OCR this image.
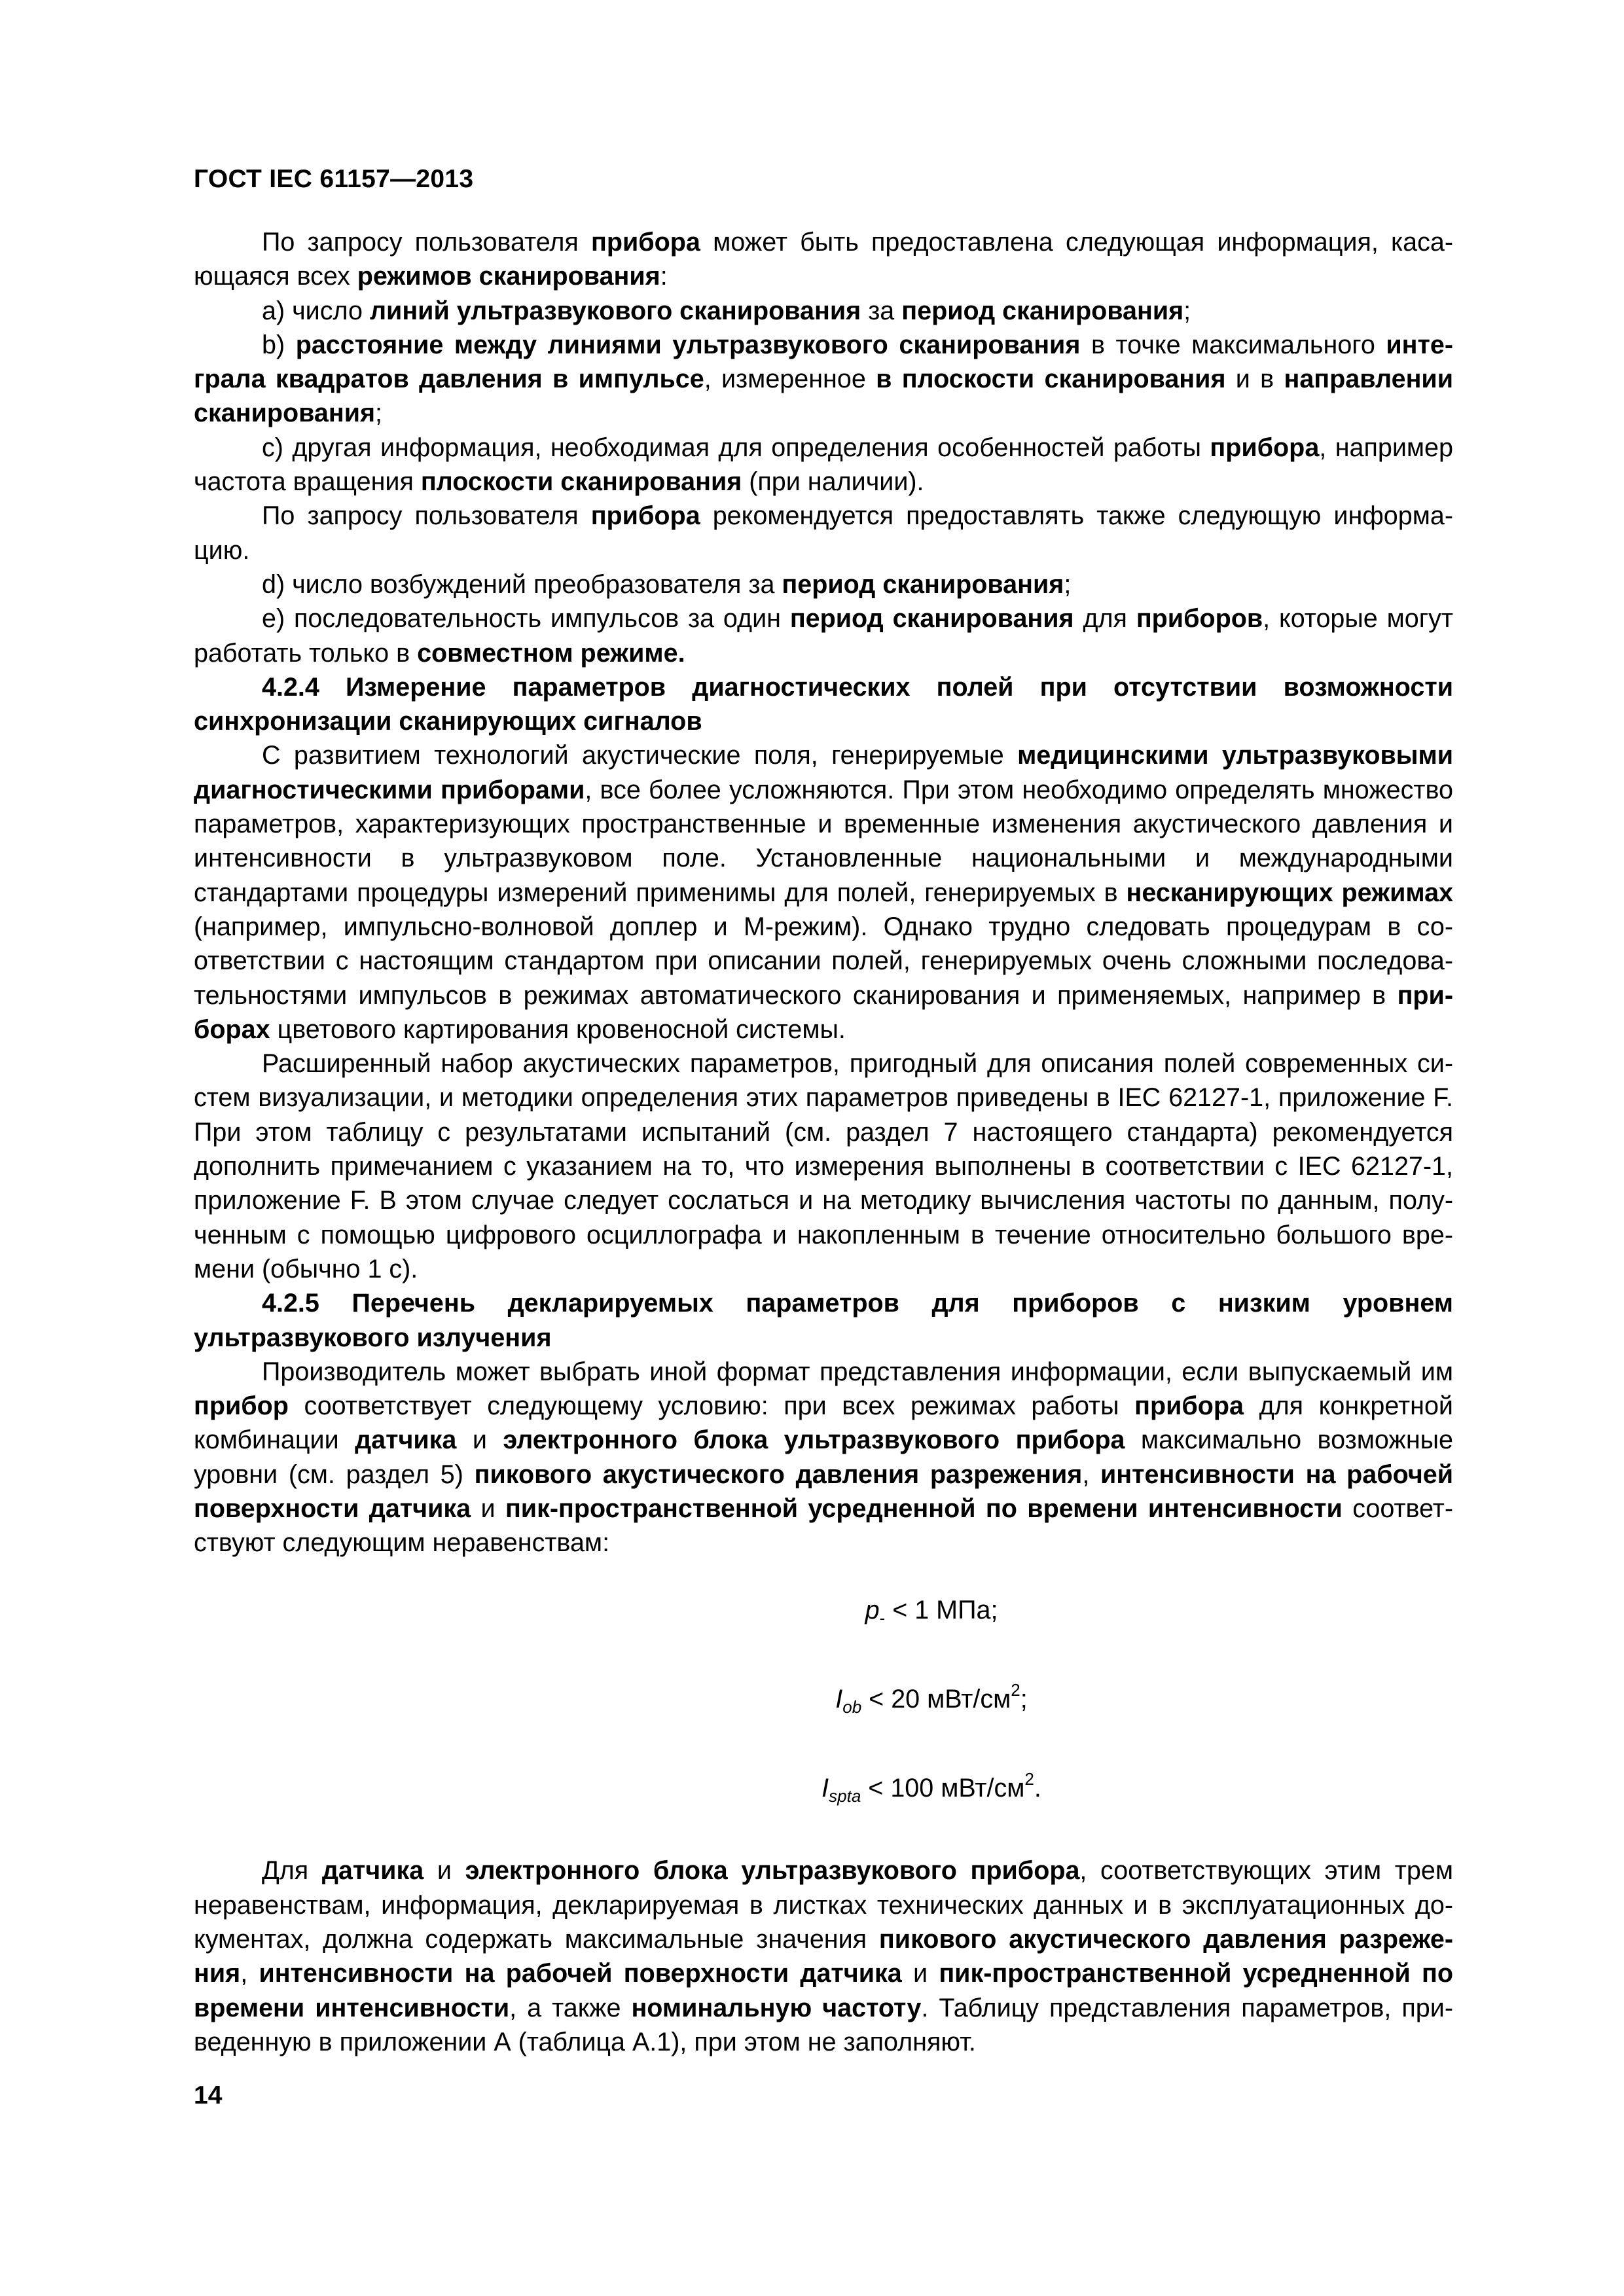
ГОСТ IEC 61157—2013

По запросу пользователя прибора может быть предоставлена следующая информация, касающаяся всех режимов сканирования:

а) число линий ультразвукового сканирования за период сканирования;

b) расстояние между линиями ультразвукового сканирования в точке максимального интеграла квадратов давления в импульсе, измеренное в плоскости сканирования и в направлении сканирования;

с) другая информация, необходимая для определения особенностей работы прибора, например частота вращения плоскости сканирования (при наличии).

По запросу пользователя прибора рекомендуется предоставлять также следующую информацию.

d) число возбуждений преобразователя за период сканирования;

е) последовательность импульсов за один период сканирования для приборов, которые могут работать только в совместном режиме.

4.2.4 Измерение параметров диагностических полей при отсутствии возможности синхронизации сканирующих сигналов

С развитием технологий акустические поля, генерируемые медицинскими ультразвуковыми диагностическими приборами, все более усложняются. При этом необходимо определять множество параметров, характеризующих пространственные и временные изменения акустического давления и интенсивности в ультразвуковом поле. Установленные национальными и международными стандартами процедуры измерений применимы для полей, генерируемых в несканирующих режимах (например, импульсно-волновой доплер и М-режим). Однако трудно следовать процедурам в соответствии с настоящим стандартом при описании полей, генерируемых очень сложными последовательностями импульсов в режимах автоматического сканирования и применяемых, например в приборах цветового картирования кровеносной системы.

Расширенный набор акустических параметров, пригодный для описания полей современных систем визуализации, и методики определения этих параметров приведены в IEC 62127-1, приложение F. При этом таблицу с результатами испытаний (см. раздел 7 настоящего стандарта) рекомендуется дополнить примечанием с указанием на то, что измерения выполнены в соответствии с IEC 62127-1, приложение F. В этом случае следует сослаться и на методику вычисления частоты по данным, полученным с помощью цифрового осциллографа и накопленным в течение относительно большого времени (обычно 1 с).

4.2.5 Перечень декларируемых параметров для приборов с низким уровнем ультразвукового излучения

Производитель может выбрать иной формат представления информации, если выпускаемый им прибор соответствует следующему условию: при всех режимах работы прибора для конкретной комбинации датчика и электронного блока ультразвукового прибора максимально возможные уровни (см. раздел 5) пикового акустического давления разрежения, интенсивности на рабочей поверхности датчика и пик-пространственной усредненной по времени интенсивности соответствуют следующим неравенствам:

$p_- < 1$ МПа;

$I_{ob} < 20$ мВт/$см^2$;

$I_{spta} < 100$ мВт/$см^2$.

Для датчика и электронного блока ультразвукового прибора, соответствующих этим трем неравенствам, информация, декларируемая в листках технических данных и в эксплуатационных документах, должна содержать максимальные значения пикового акустического давления разрежения, интенсивности на рабочей поверхности датчика и пик-пространственной усредненной по времени интенсивности, а также номинальную частоту. Таблицу представления параметров, приведенную в приложении А (таблица А.1), при этом не заполняют.

14
